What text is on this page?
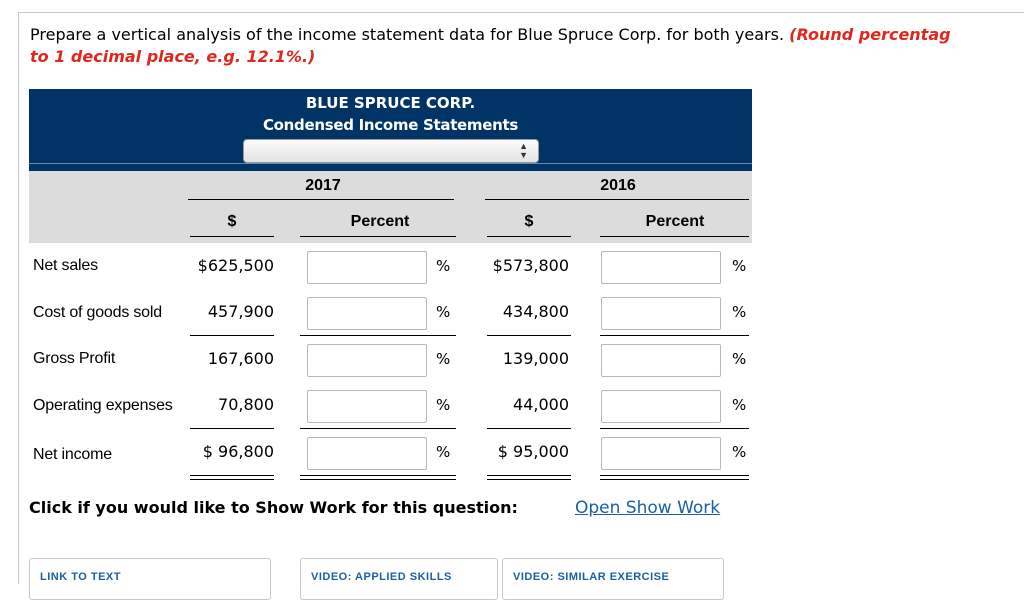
Prepare a vertical analysis of the income statement data for Blue Spruce Corp. for both years. (Round percentag
to 1 decimal place, e.g. 12.1%.)
BLUE SPRUCE CORP.
Condensed Income Statements
▲
▼
2017	2016
$	Percent	$	Percent
Net sales	$625,500	%	$573,800	%
Cost of goods sold	457,900	%	434,800	%
Gross Profit	167,600	%	139,000	%
Operating expenses	70,800	%	44,000	%
Net income	$ 96,800	%	$ 95,000	%
Click if you would like to Show Work for this question:	Open Show Work
LINK TO TEXT	VIDEO: APPLIED SKILLS	VIDEO: SIMILAR EXERCISE
